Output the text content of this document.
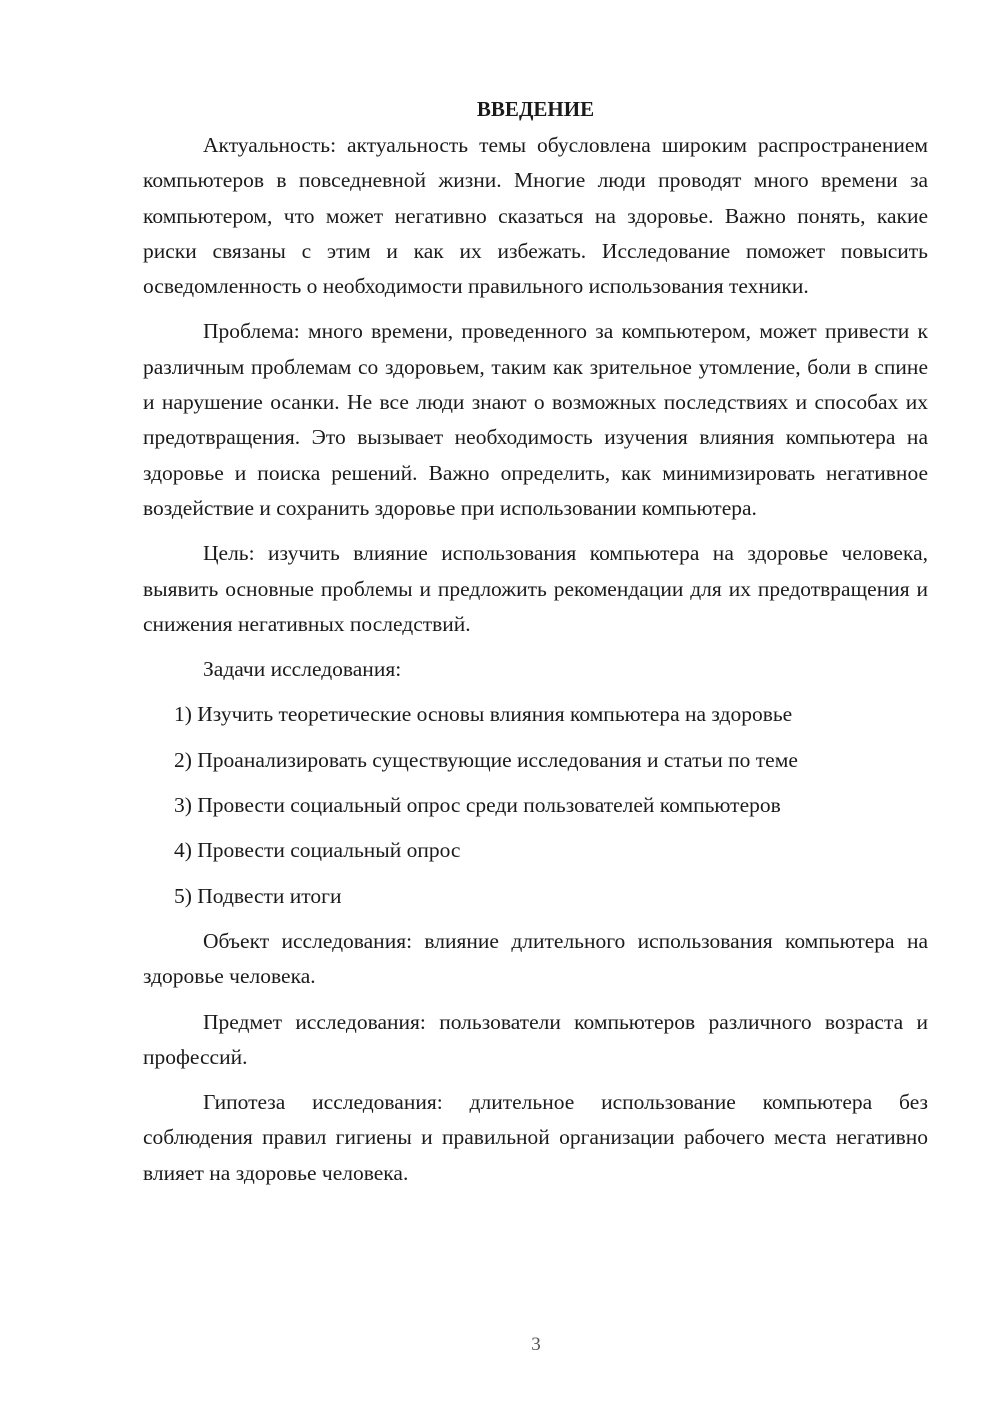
ВВЕДЕНИЕ

Актуальность: актуальность темы обусловлена широким распространением компьютеров в повседневной жизни. Многие люди проводят много времени за компьютером, что может негативно сказаться на здоровье. Важно понять, какие риски связаны с этим и как их избежать. Исследование поможет повысить осведомленность о необходимости правильного использования техники.

Проблема: много времени, проведенного за компьютером, может привести к различным проблемам со здоровьем, таким как зрительное утомление, боли в спине и нарушение осанки. Не все люди знают о возможных последствиях и способах их предотвращения. Это вызывает необходимость изучения влияния компьютера на здоровье и поиска решений. Важно определить, как минимизировать негативное воздействие и сохранить здоровье при использовании компьютера.

Цель: изучить влияние использования компьютера на здоровье человека, выявить основные проблемы и предложить рекомендации для их предотвращения и снижения негативных последствий.

Задачи исследования:

1) Изучить теоретические основы влияния компьютера на здоровье
2) Проанализировать существующие исследования и статьи по теме
3) Провести социальный опрос среди пользователей компьютеров
4) Провести социальный опрос
5) Подвести итоги

Объект исследования: влияние длительного использования компьютера на здоровье человека.

Предмет исследования: пользователи компьютеров различного возраста и профессий.

Гипотеза исследования: длительное использование компьютера без соблюдения правил гигиены и правильной организации рабочего места негативно влияет на здоровье человека.

3
